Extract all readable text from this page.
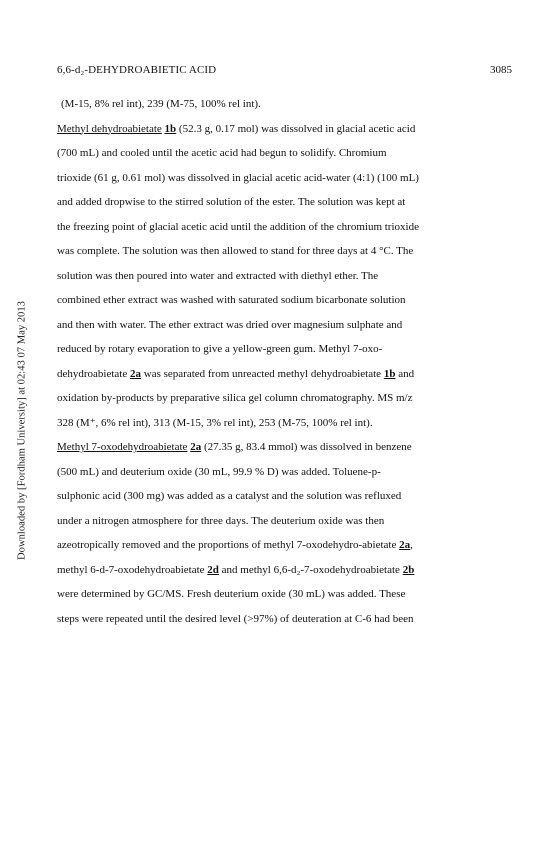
6,6-d₂-DEHYDROABIETIC ACID	3085
Downloaded by [Fordham University] at 02:43 07 May 2013
(M-15, 8% rel int), 239 (M-75, 100% rel int).
Methyl dehydroabietate 1b (52.3 g, 0.17 mol) was dissolved in glacial acetic acid
(700 mL) and cooled until the acetic acid had begun to solidify. Chromium
trioxide (61 g, 0.61 mol) was dissolved in glacial acetic acid-water (4:1) (100 mL)
and added dropwise to the stirred solution of the ester. The solution was kept at
the freezing point of glacial acetic acid until the addition of the chromium trioxide
was complete. The solution was then allowed to stand for three days at 4 °C. The
solution was then poured into water and extracted with diethyl ether. The
combined ether extract was washed with saturated sodium bicarbonate solution
and then with water. The ether extract was dried over magnesium sulphate and
reduced by rotary evaporation to give a yellow-green gum. Methyl 7-oxo-
dehydroabietate 2a was separated from unreacted methyl dehydroabietate 1b and
oxidation by-products by preparative silica gel column chromatography. MS m/z
328 (M⁺, 6% rel int), 313 (M-15, 3% rel int), 253 (M-75, 100% rel int).
Methyl 7-oxodehydroabietate 2a (27.35 g, 83.4 mmol) was dissolved in benzene
(500 mL) and deuterium oxide (30 mL, 99.9 % D) was added. Toluene-p-
sulphonic acid (300 mg) was added as a catalyst and the solution was refluxed
under a nitrogen atmosphere for three days. The deuterium oxide was then
azeotropically removed and the proportions of methyl 7-oxodehydro-abietate 2a,
methyl 6-d-7-oxodehydroabietate 2d and methyl 6,6-d₂-7-oxodehydroabietate 2b
were determined by GC/MS. Fresh deuterium oxide (30 mL) was added. These
steps were repeated until the desired level (>97%) of deuteration at C-6 had been
